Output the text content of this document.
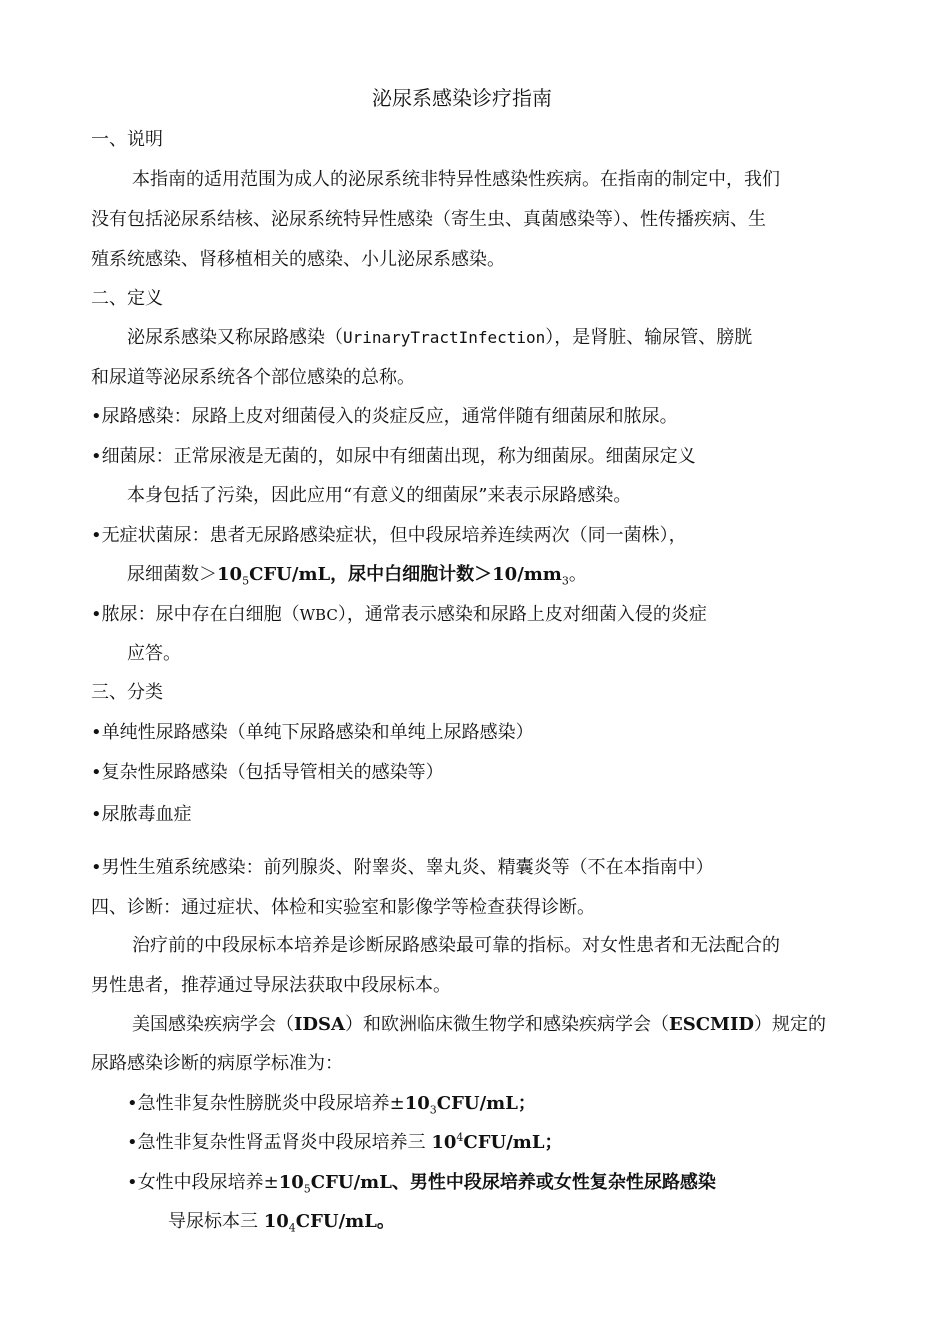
泌尿系感染诊疗指南
一、说明
本指南的适用范围为成人的泌尿系统非特异性感染性疾病。在指南的制定中，我们
没有包括泌尿系结核、泌尿系统特异性感染（寄生虫、真菌感染等）、性传播疾病、生
殖系统感染、肾移植相关的感染、小儿泌尿系感染。
二、定义
泌尿系感染又称尿路感染（UrinaryTractInfection），是肾脏、输尿管、膀胱
和尿道等泌尿系统各个部位感染的总称。
•尿路感染：尿路上皮对细菌侵入的炎症反应，通常伴随有细菌尿和脓尿。
•细菌尿：正常尿液是无菌的，如尿中有细菌出现，称为细菌尿。细菌尿定义
本身包括了污染，因此应用“有意义的细菌尿”来表示尿路感染。
•无症状菌尿：患者无尿路感染症状，但中段尿培养连续两次（同一菌株），
尿细菌数$>10_5CFU/mL$，尿中白细胞计数$>10/mm_3$。
•脓尿：尿中存在白细胞（WBC），通常表示感染和尿路上皮对细菌入侵的炎症
应答。
三、分类
•单纯性尿路感染（单纯下尿路感染和单纯上尿路感染）
•复杂性尿路感染（包括导管相关的感染等）
•尿脓毒血症
•男性生殖系统感染：前列腺炎、附睾炎、睾丸炎、精囊炎等（不在本指南中）
四、诊断：通过症状、体检和实验室和影像学等检查获得诊断。
治疗前的中段尿标本培养是诊断尿路感染最可靠的指标。对女性患者和无法配合的
男性患者，推荐通过导尿法获取中段尿标本。
美国感染疾病学会（IDSA）和欧洲临床微生物学和感染疾病学会（ESCMID）规定的
尿路感染诊断的病原学标准为：
•急性非复杂性膀胱炎中段尿培养$\pm 10_3CFU/mL$；
•急性非复杂性肾盂肾炎中段尿培养三 $10^4CFU/mL$；
•女性中段尿培养$\pm 10_5CFU/mL$、男性中段尿培养或女性复杂性尿路感染
导尿标本三 $10_4CFU/mL$。
